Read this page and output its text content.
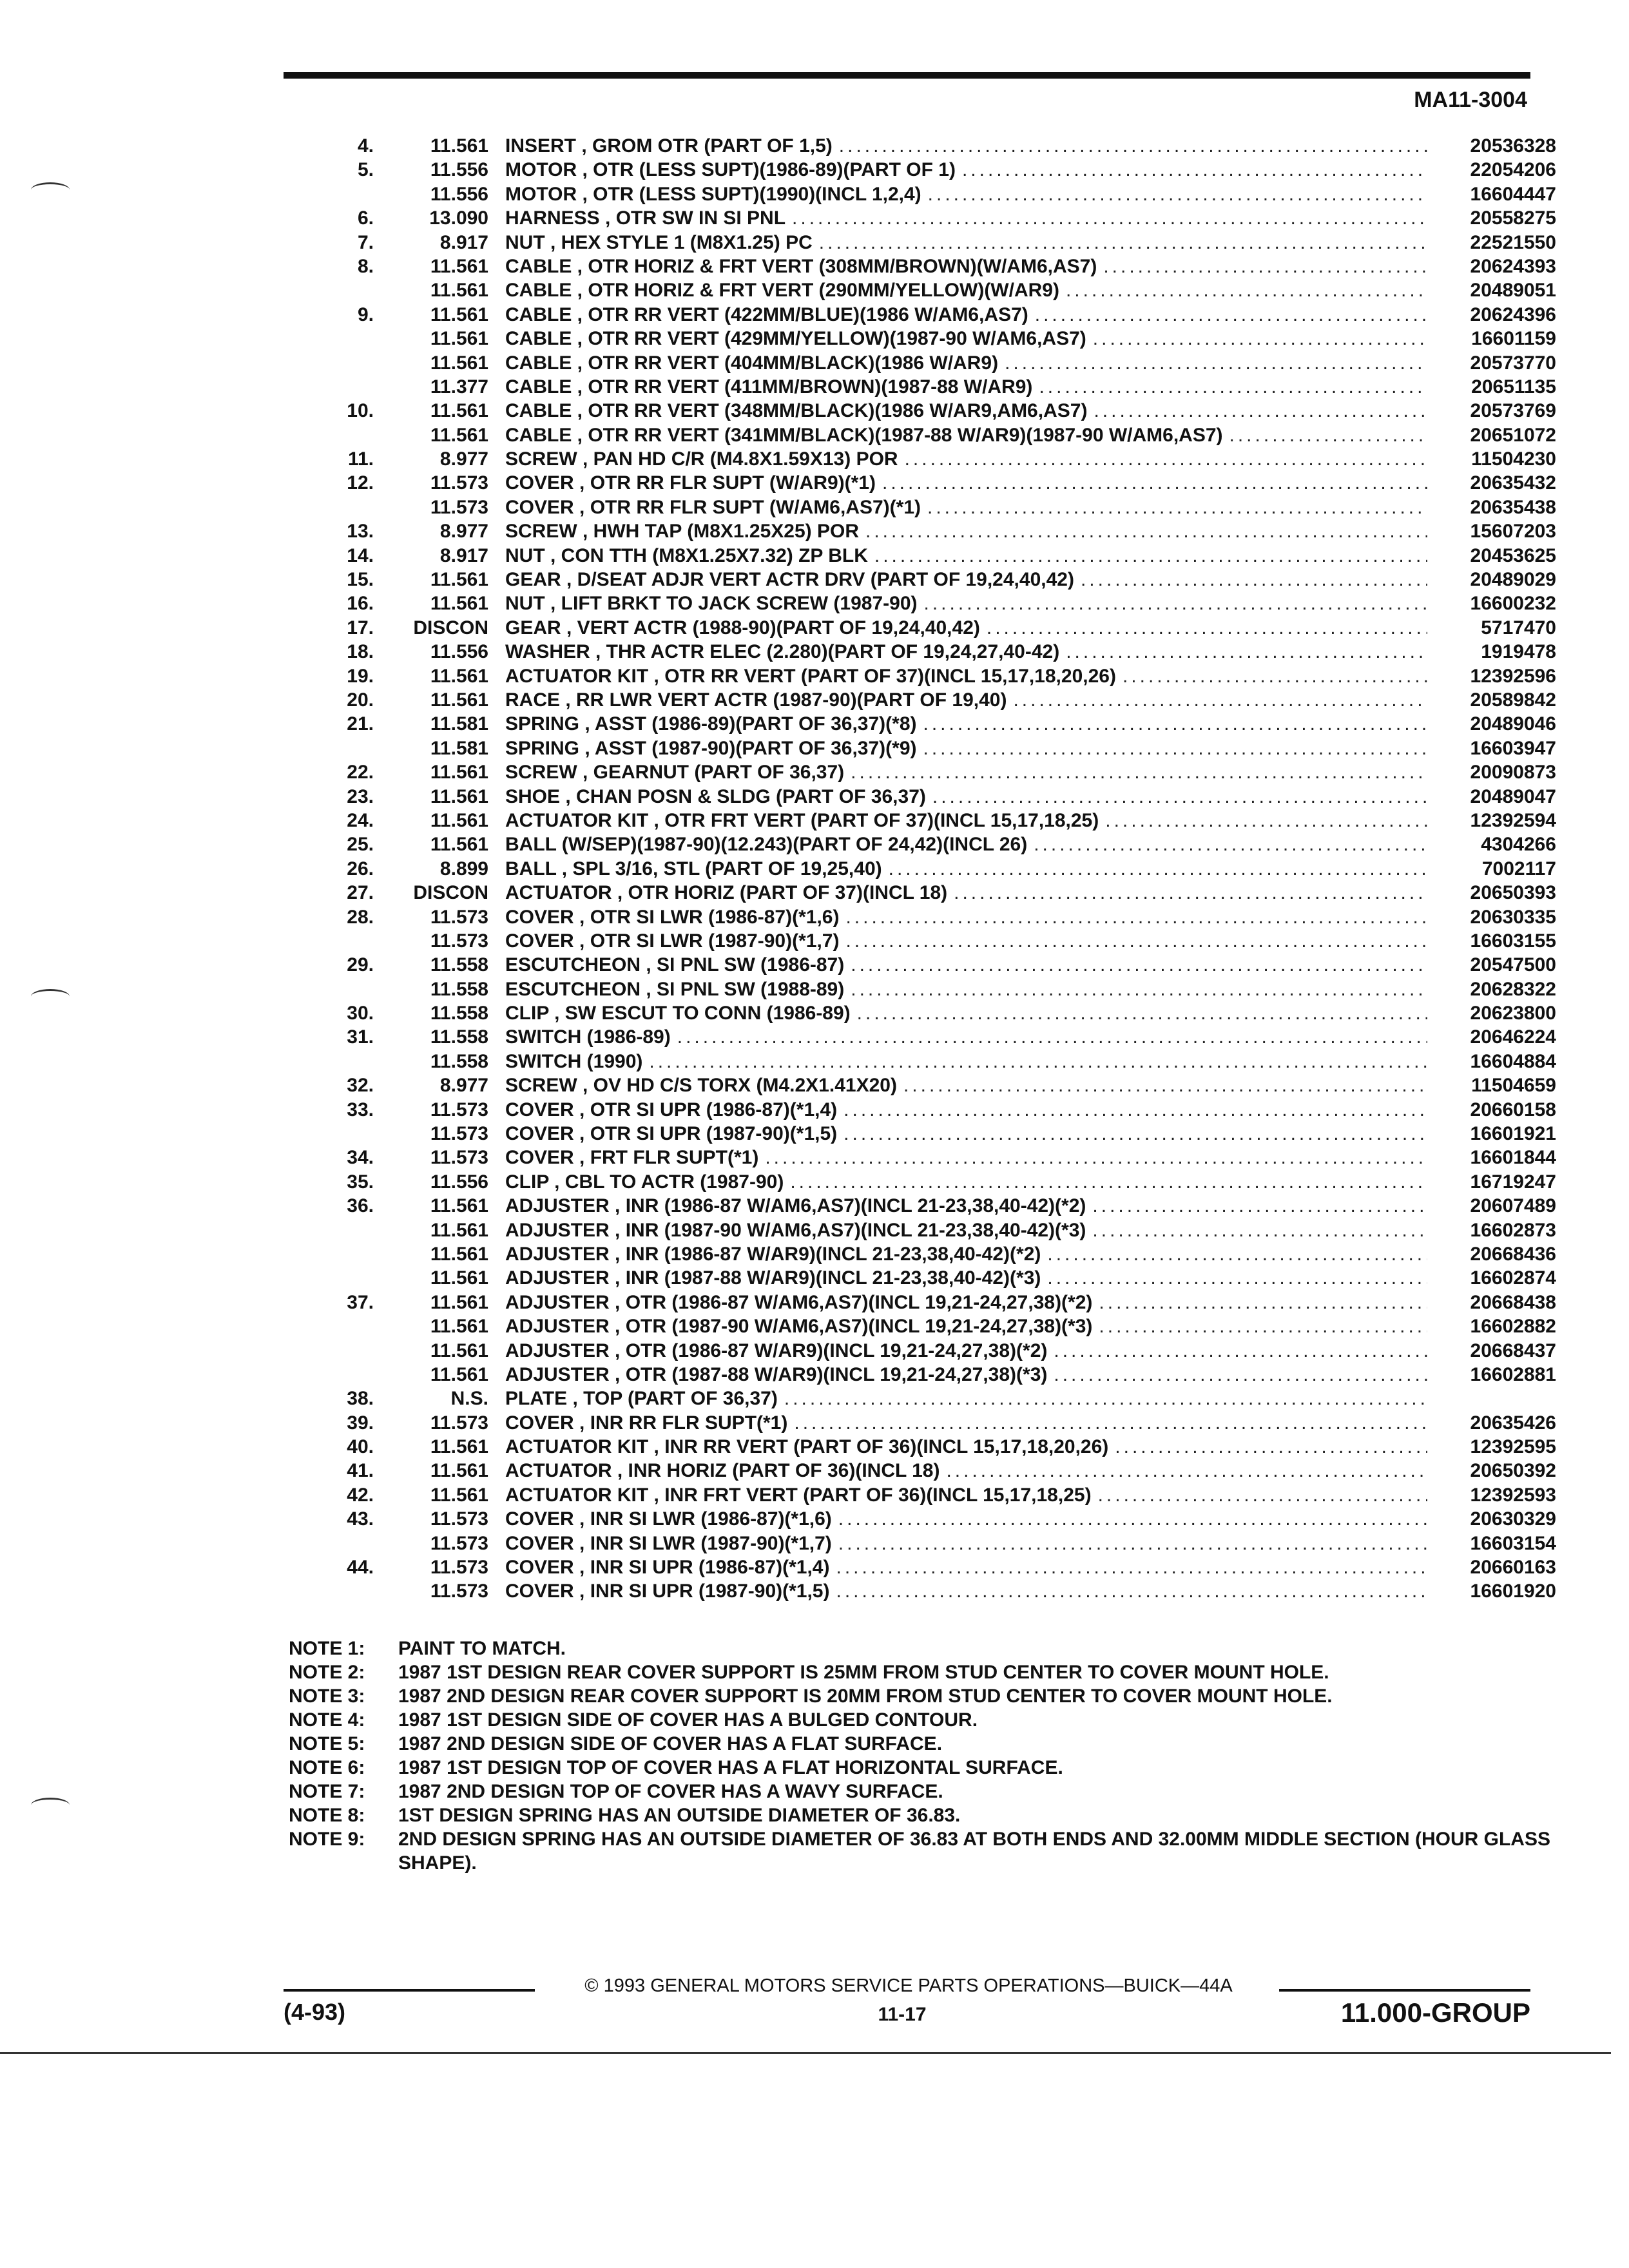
MA11-3004
4.	11.561 INSERT , GROM OTR (PART OF 1,5) .....	20536328
5.	11.556 MOTOR , OTR (LESS SUPT)(1986-89)(PART OF 1) .....	22054206
11.556 MOTOR , OTR (LESS SUPT)(1990)(INCL 1,2,4) .....	16604447
6.	13.090 HARNESS , OTR SW IN SI PNL .....	20558275
7.	8.917 NUT , HEX STYLE 1 (M8X1.25) PC .....	22521550
8.	11.561 CABLE , OTR HORIZ & FRT VERT (308MM/BROWN)(W/AM6,AS7) .....	20624393
11.561 CABLE , OTR HORIZ & FRT VERT (290MM/YELLOW)(W/AR9) .....	20489051
9.	11.561 CABLE , OTR RR VERT (422MM/BLUE)(1986 W/AM6,AS7) .....	20624396
11.561 CABLE , OTR RR VERT (429MM/YELLOW)(1987-90 W/AM6,AS7) .....	16601159
11.561 CABLE , OTR RR VERT (404MM/BLACK)(1986 W/AR9) .....	20573770
11.377 CABLE , OTR RR VERT (411MM/BROWN)(1987-88 W/AR9) .....	20651135
10.	11.561 CABLE , OTR RR VERT (348MM/BLACK)(1986 W/AR9,AM6,AS7) .....	20573769
11.561 CABLE , OTR RR VERT (341MM/BLACK)(1987-88 W/AR9)(1987-90 W/AM6,AS7) .....	20651072
11.	8.977 SCREW , PAN HD C/R (M4.8X1.59X13) POR .....	11504230
12.	11.573 COVER , OTR RR FLR SUPT (W/AR9)(*1) .....	20635432
11.573 COVER , OTR RR FLR SUPT (W/AM6,AS7)(*1) .....	20635438
13.	8.977 SCREW , HWH TAP (M8X1.25X25) POR .....	15607203
14.	8.917 NUT , CON TTH (M8X1.25X7.32) ZP BLK .....	20453625
15.	11.561 GEAR , D/SEAT ADJR VERT ACTR DRV (PART OF 19,24,40,42) .....	20489029
16.	11.561 NUT , LIFT BRKT TO JACK SCREW (1987-90) .....	16600232
17.	DISCON GEAR , VERT ACTR (1988-90)(PART OF 19,24,40,42) .....	5717470
18.	11.556 WASHER , THR ACTR ELEC (2.280)(PART OF 19,24,27,40-42) .....	1919478
19.	11.561 ACTUATOR KIT , OTR RR VERT (PART OF 37)(INCL 15,17,18,20,26) .....	12392596
20.	11.561 RACE , RR LWR VERT ACTR (1987-90)(PART OF 19,40) .....	20589842
21.	11.581 SPRING , ASST (1986-89)(PART OF 36,37)(*8) .....	20489046
11.581 SPRING , ASST (1987-90)(PART OF 36,37)(*9) .....	16603947
22.	11.561 SCREW , GEARNUT (PART OF 36,37) .....	20090873
23.	11.561 SHOE , CHAN POSN & SLDG (PART OF 36,37) .....	20489047
24.	11.561 ACTUATOR KIT , OTR FRT VERT (PART OF 37)(INCL 15,17,18,25) .....	12392594
25.	11.561 BALL (W/SEP)(1987-90)(12.243)(PART OF 24,42)(INCL 26) .....	4304266
26.	8.899 BALL , SPL 3/16, STL (PART OF 19,25,40) .....	7002117
27.	DISCON ACTUATOR , OTR HORIZ (PART OF 37)(INCL 18) .....	20650393
28.	11.573 COVER , OTR SI LWR (1986-87)(*1,6) .....	20630335
11.573 COVER , OTR SI LWR (1987-90)(*1,7) .....	16603155
29.	11.558 ESCUTCHEON , SI PNL SW (1986-87) .....	20547500
11.558 ESCUTCHEON , SI PNL SW (1988-89) .....	20628322
30.	11.558 CLIP , SW ESCUT TO CONN (1986-89) .....	20623800
31.	11.558 SWITCH (1986-89) .....	20646224
11.558 SWITCH (1990) .....	16604884
32.	8.977 SCREW , OV HD C/S TORX (M4.2X1.41X20) .....	11504659
33.	11.573 COVER , OTR SI UPR (1986-87)(*1,4) .....	20660158
11.573 COVER , OTR SI UPR (1987-90)(*1,5) .....	16601921
34.	11.573 COVER , FRT FLR SUPT(*1) .....	16601844
35.	11.556 CLIP , CBL TO ACTR (1987-90) .....	16719247
36.	11.561 ADJUSTER , INR (1986-87 W/AM6,AS7)(INCL 21-23,38,40-42)(*2) .....	20607489
11.561 ADJUSTER , INR (1987-90 W/AM6,AS7)(INCL 21-23,38,40-42)(*3) .....	16602873
11.561 ADJUSTER , INR (1986-87 W/AR9)(INCL 21-23,38,40-42)(*2) .....	20668436
11.561 ADJUSTER , INR (1987-88 W/AR9)(INCL 21-23,38,40-42)(*3) .....	16602874
37.	11.561 ADJUSTER , OTR (1986-87 W/AM6,AS7)(INCL 19,21-24,27,38)(*2) .....	20668438
11.561 ADJUSTER , OTR (1987-90 W/AM6,AS7)(INCL 19,21-24,27,38)(*3) .....	16602882
11.561 ADJUSTER , OTR (1986-87 W/AR9)(INCL 19,21-24,27,38)(*2) .....	20668437
11.561 ADJUSTER , OTR (1987-88 W/AR9)(INCL 19,21-24,27,38)(*3) .....	16602881
38.	N.S. PLATE , TOP (PART OF 36,37)
.....
39.	11.573 COVER , INR RR FLR SUPT(*1) .....	20635426
40.	11.561 ACTUATOR KIT , INR RR VERT (PART OF 36)(INCL 15,17,18,20,26) .....	12392595
41.	11.561 ACTUATOR , INR HORIZ (PART OF 36)(INCL 18) .....	20650392
42.	11.561 ACTUATOR KIT , INR FRT VERT (PART OF 36)(INCL 15,17,18,25) .....	12392593
43.	11.573 COVER , INR SI LWR (1986-87)(*1,6) .....	20630329
11.573 COVER , INR SI LWR (1987-90)(*1,7) .....	16603154
44.	11.573 COVER , INR SI UPR (1986-87)(*1,4) .....	20660163
11.573 COVER , INR SI UPR (1987-90)(*1,5) .....	16601920
NOTE 1:	PAINT TO MATCH.
NOTE 2:	1987 1ST DESIGN REAR COVER SUPPORT IS 25MM FROM STUD CENTER TO COVER MOUNT HOLE.
NOTE 3:	1987 2ND DESIGN REAR COVER SUPPORT IS 20MM FROM STUD CENTER TO COVER MOUNT HOLE.
NOTE 4:	1987 1ST DESIGN SIDE OF COVER HAS A BULGED CONTOUR.
NOTE 5:	1987 2ND DESIGN SIDE OF COVER HAS A FLAT SURFACE.
NOTE 6:	1987 1ST DESIGN TOP OF COVER HAS A FLAT HORIZONTAL SURFACE.
NOTE 7:	1987 2ND DESIGN TOP OF COVER HAS A WAVY SURFACE.
NOTE 8:	1ST DESIGN SPRING HAS AN OUTSIDE DIAMETER OF 36.83.
NOTE 9:	2ND DESIGN SPRING HAS AN OUTSIDE DIAMETER OF 36.83 AT BOTH ENDS AND 32.00MM MIDDLE SECTION (HOUR GLASS SHAPE).
© 1993 GENERAL MOTORS SERVICE PARTS OPERATIONS—BUICK—44A
(4-93)	11-17	11.000-GROUP
